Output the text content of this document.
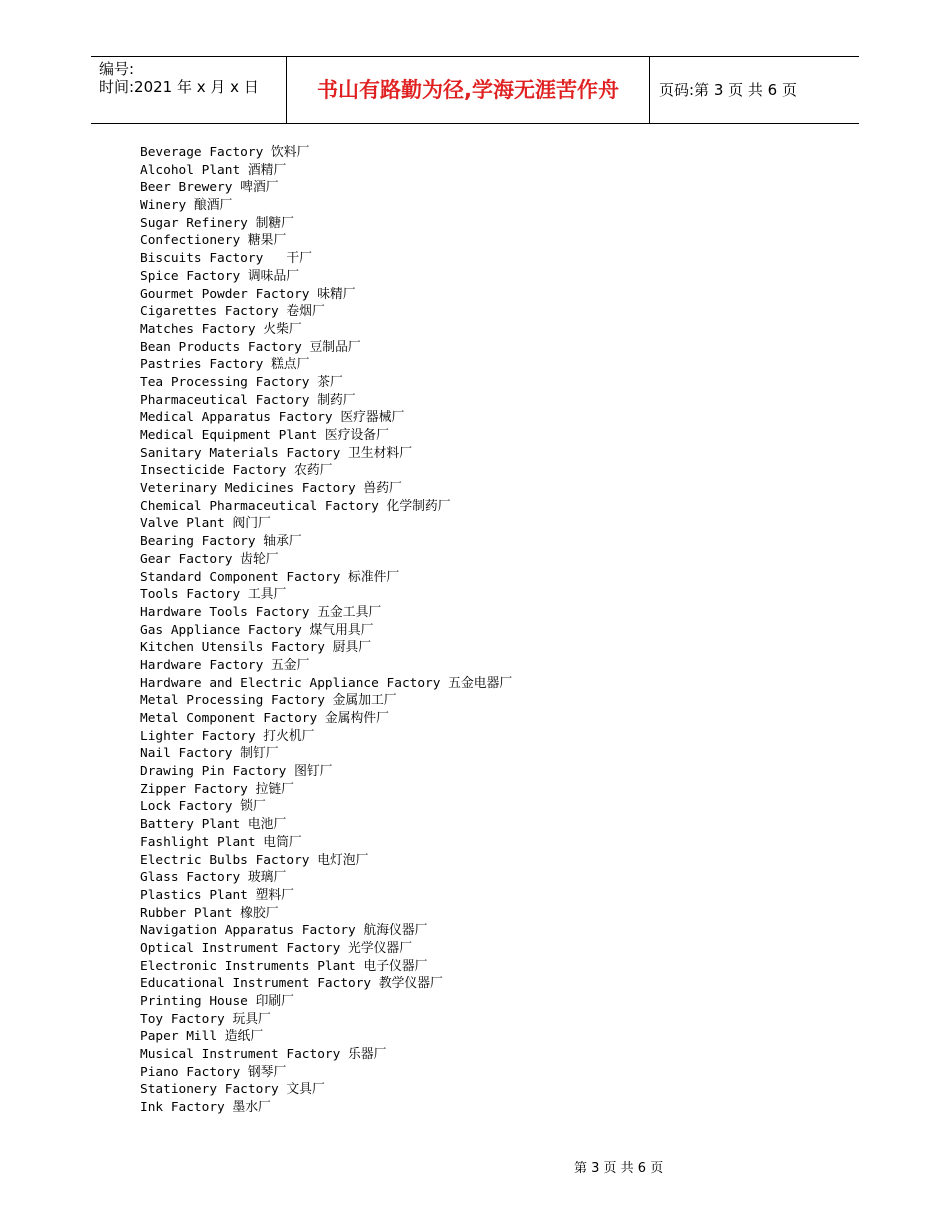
编号:
时间:2021 年 x 月 x 日	书山有路勤为径,学海无涯苦作舟	页码:第 3 页 共 6 页
Beverage Factory 饮料厂
Alcohol Plant 酒精厂
Beer Brewery 啤酒厂
Winery 酿酒厂
Sugar Refinery 制糖厂
Confectionery 糖果厂
Biscuits Factory   干厂
Spice Factory 调味品厂
Gourmet Powder Factory 味精厂
Cigarettes Factory 卷烟厂
Matches Factory 火柴厂
Bean Products Factory 豆制品厂
Pastries Factory 糕点厂
Tea Processing Factory 茶厂
Pharmaceutical Factory 制药厂
Medical Apparatus Factory 医疗器械厂
Medical Equipment Plant 医疗设备厂
Sanitary Materials Factory 卫生材料厂
Insecticide Factory 农药厂
Veterinary Medicines Factory 兽药厂
Chemical Pharmaceutical Factory 化学制药厂
Valve Plant 阀门厂
Bearing Factory 轴承厂
Gear Factory 齿轮厂
Standard Component Factory 标准件厂
Tools Factory 工具厂
Hardware Tools Factory 五金工具厂
Gas Appliance Factory 煤气用具厂
Kitchen Utensils Factory 厨具厂
Hardware Factory 五金厂
Hardware and Electric Appliance Factory 五金电器厂
Metal Processing Factory 金属加工厂
Metal Component Factory 金属构件厂
Lighter Factory 打火机厂
Nail Factory 制钉厂
Drawing Pin Factory 图钉厂
Zipper Factory 拉链厂
Lock Factory 锁厂
Battery Plant 电池厂
Fashlight Plant 电筒厂
Electric Bulbs Factory 电灯泡厂
Glass Factory 玻璃厂
Plastics Plant 塑料厂
Rubber Plant 橡胶厂
Navigation Apparatus Factory 航海仪器厂
Optical Instrument Factory 光学仪器厂
Electronic Instruments Plant 电子仪器厂
Educational Instrument Factory 教学仪器厂
Printing House 印刷厂
Toy Factory 玩具厂
Paper Mill 造纸厂
Musical Instrument Factory 乐器厂
Piano Factory 钢琴厂
Stationery Factory 文具厂
Ink Factory 墨水厂
第 3 页 共 6 页
